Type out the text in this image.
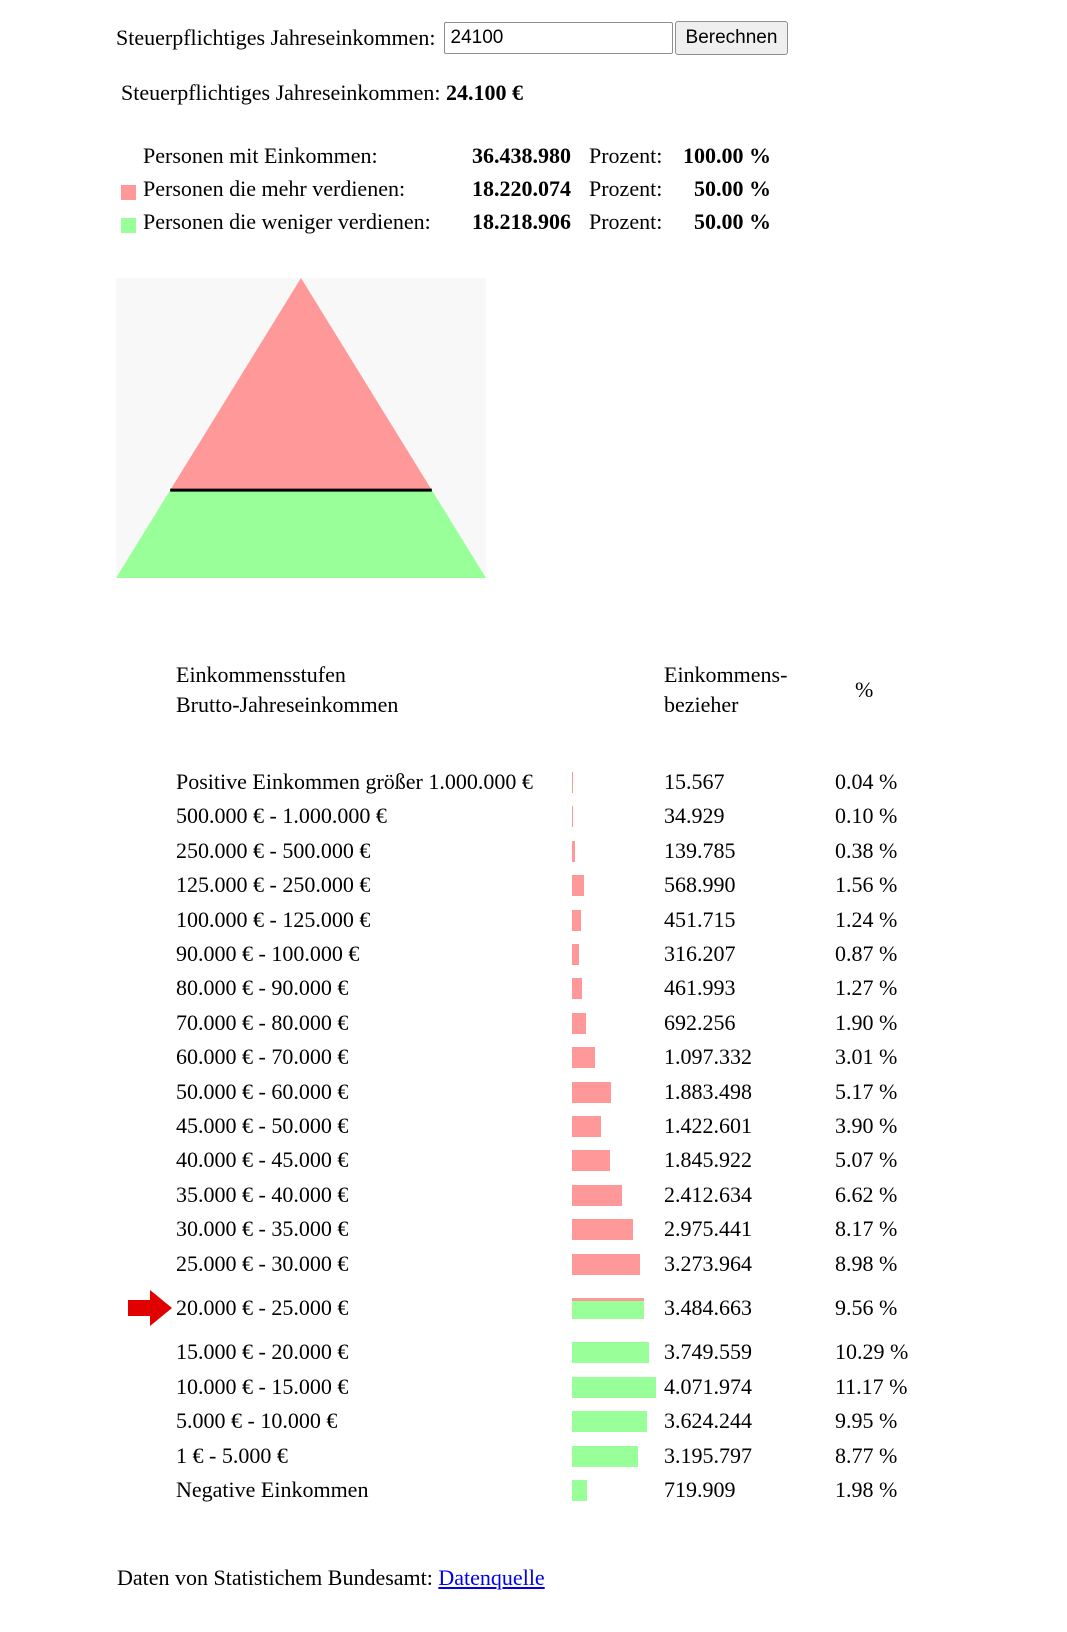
Steuerpflichtiges Jahreseinkommen:
24100	Berechnen
Steuerpflichtiges Jahreseinkommen: 24.100 €
Personen mit Einkommen:	36.438.980 Prozent: 100.00 %
Personen die mehr verdienen:	18.220.074 Prozent:	50.00 %
Personen die weniger verdienen:	18.218.906 Prozent:	50.00 %
Einkommensstufen
Brutto-Jahreseinkommen
Einkommens-
bezieher
%
Positive Einkommen größer 1.000.000 €	15.567	0.04 %
500.000 € - 1.000.000 €	34.929	0.10 %
250.000 € - 500.000 €	139.785	0.38 %
125.000 € - 250.000 €	568.990	1.56 %
100.000 € - 125.000 €	451.715	1.24 %
90.000 € - 100.000 €	316.207	0.87 %
80.000 € - 90.000 €	461.993	1.27 %
70.000 € - 80.000 €	692.256	1.90 %
60.000 € - 70.000 €	1.097.332	3.01 %
50.000 € - 60.000 €	1.883.498	5.17 %
45.000 € - 50.000 €	1.422.601	3.90 %
40.000 € - 45.000 €	1.845.922	5.07 %
35.000 € - 40.000 €	2.412.634	6.62 %
30.000 € - 35.000 €	2.975.441	8.17 %
25.000 € - 30.000 €	3.273.964	8.98 %
20.000 € - 25.000 €	3.484.663	9.56 %
15.000 € - 20.000 €	3.749.559	10.29 %
10.000 € - 15.000 €	4.071.974	11.17 %
5.000 € - 10.000 €	3.624.244	9.95 %
1 € - 5.000 €	3.195.797	8.77 %
Negative Einkommen	719.909	1.98 %
Daten von Statistichem Bundesamt: Datenquelle
